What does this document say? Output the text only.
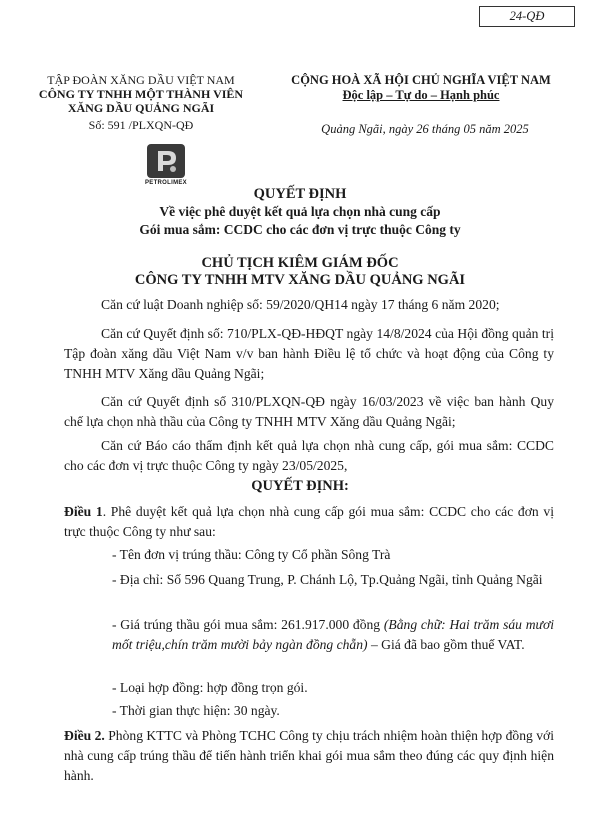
24-QĐ
TẬP ĐOÀN XĂNG DẦU VIỆT NAM
CÔNG TY TNHH MỘT THÀNH VIÊN
XĂNG DẦU QUẢNG NGÃI
Số: 591 /PLXQN-QĐ
CỘNG HOÀ XÃ HỘI CHỦ NGHĨA VIỆT NAM
Độc lập – Tự do – Hạnh phúc
Quảng Ngãi, ngày 26 tháng 05 năm 2025
PETROLIMEX
QUYẾT ĐỊNH
Về việc phê duyệt kết quả lựa chọn nhà cung cấp
Gói mua sắm: CCDC cho các đơn vị trực thuộc Công ty
CHỦ TỊCH KIÊM GIÁM ĐỐC
CÔNG TY TNHH MTV XĂNG DẦU QUẢNG NGÃI
Căn cứ luật Doanh nghiệp số: 59/2020/QH14 ngày 17 tháng 6 năm 2020;
Căn cứ Quyết định số: 710/PLX-QĐ-HĐQT ngày 14/8/2024 của Hội đồng quản trị Tập đoàn xăng dầu Việt Nam v/v ban hành Điều lệ tổ chức và hoạt động của Công ty TNHH MTV Xăng dầu Quảng Ngãi;
Căn cứ Quyết định số 310/PLXQN-QĐ ngày 16/03/2023 về việc ban hành Quy chế lựa chọn nhà thầu của Công ty TNHH MTV Xăng dầu Quảng Ngãi;
Căn cứ Báo cáo thẩm định kết quả lựa chọn nhà cung cấp, gói mua sắm: CCDC cho các đơn vị trực thuộc Công ty ngày 23/05/2025,
QUYẾT ĐỊNH:
Điều 1. Phê duyệt kết quả lựa chọn nhà cung cấp gói mua sắm: CCDC cho các đơn vị trực thuộc Công ty như sau:
- Tên đơn vị trúng thầu: Công ty Cổ phần Sông Trà
- Địa chỉ: Số 596 Quang Trung, P. Chánh Lộ, Tp.Quảng Ngãi, tỉnh Quảng Ngãi
- Giá trúng thầu gói mua sắm: 261.917.000 đồng (Bằng chữ: Hai trăm sáu mươi mốt triệu,chín trăm mười bảy ngàn đồng chẵn) – Giá đã bao gồm thuế VAT.
- Loại hợp đồng: hợp đồng trọn gói.
- Thời gian thực hiện: 30 ngày.
Điều 2. Phòng KTTC và Phòng TCHC Công ty chịu trách nhiệm hoàn thiện hợp đồng với nhà cung cấp trúng thầu để tiến hành triển khai gói mua sắm theo đúng các quy định hiện hành.
